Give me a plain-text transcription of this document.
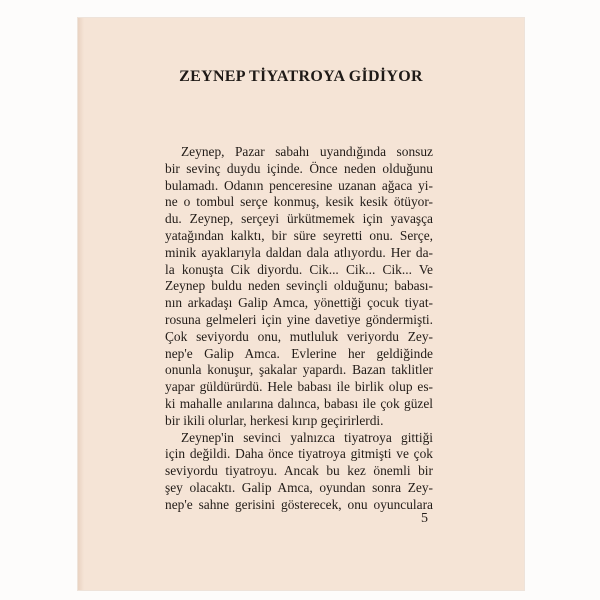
ZEYNEP TİYATROYA GİDİYOR
Zeynep, Pazar sabahı uyandığında sonsuz
bir sevinç duydu içinde. Önce neden olduğunu
bulamadı. Odanın penceresine uzanan ağaca yi-
ne o tombul serçe konmuş, kesik kesik ötüyor-
du. Zeynep, serçeyi ürkütmemek için yavaşça
yatağından kalktı, bir süre seyretti onu. Serçe,
minik ayaklarıyla daldan dala atlıyordu. Her da-
la konuşta Cik diyordu. Cik... Cik... Cik... Ve
Zeynep buldu neden sevinçli olduğunu; babası-
nın arkadaşı Galip Amca, yönettiği çocuk tiyat-
rosuna gelmeleri için yine davetiye göndermişti.
Çok seviyordu onu, mutluluk veriyordu Zey-
nep'e Galip Amca. Evlerine her geldiğinde
onunla konuşur, şakalar yapardı. Bazan taklitler
yapar güldürürdü. Hele babası ile birlik olup es-
ki mahalle anılarına dalınca, babası ile çok güzel
bir ikili olurlar, herkesi kırıp geçirirlerdi.
Zeynep'in sevinci yalnızca tiyatroya gittiği
için değildi. Daha önce tiyatroya gitmişti ve çok
seviyordu tiyatroyu. Ancak bu kez önemli bir
şey olacaktı. Galip Amca, oyundan sonra Zey-
nep'e sahne gerisini gösterecek, onu oyunculara
5
